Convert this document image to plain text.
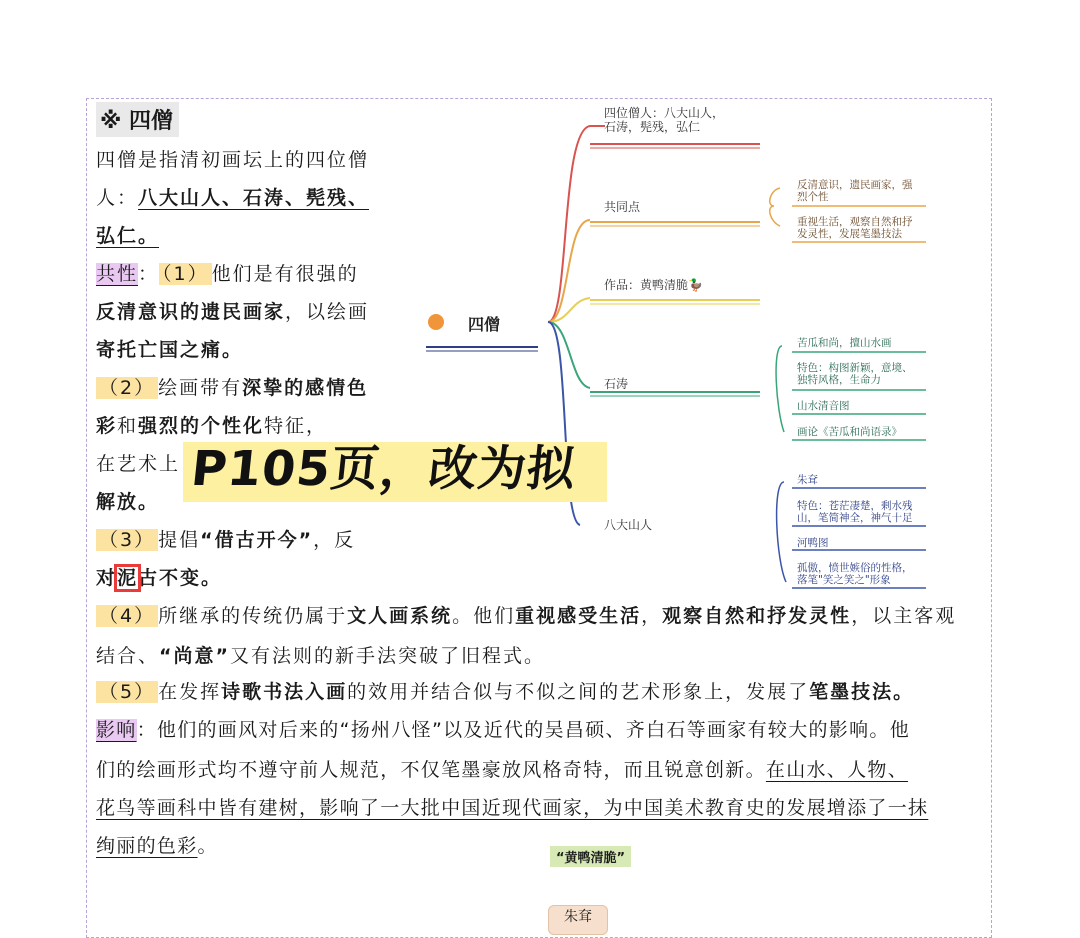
※ 四僧
四僧是指清初画坛上的四位僧
人：八大山人、石涛、髡残、
弘仁。
共性： （1） 他们是有很强的
反清意识的遗民画家，以绘画
寄托亡国之痛。
（2） 绘画带有深挚的感情色
彩和强烈的个性化特征，
在艺术上
解放。
（3） 提倡“借古开今”，反
对泥古不变。
（4） 所继承的传统仍属于文人画系统。他们重视感受生活，观察自然和抒发灵性，以主客观
结合、“尚意”又有法则的新手法突破了旧程式。
（5） 在发挥诗歌书法入画的效用并结合似与不似之间的艺术形象上，发展了笔墨技法。
影响：他们的画风对后来的“扬州八怪”以及近代的吴昌硕、齐白石等画家有较大的影响。他
们的绘画形式均不遵守前人规范，不仅笔墨豪放风格奇特，而且锐意创新。在山水、人物、
花鸟等画科中皆有建树，影响了一大批中国近现代画家，为中国美术教育史的发展增添了一抹
绚丽的色彩。
四僧
四位僧人：八大山人，
石涛，髡残，弘仁
共同点
反清意识，遗民画家，强
烈个性
重视生活，观察自然和抒
发灵性，发展笔墨技法
作品：黄鸭清脆🦆
石涛
苦瓜和尚，擅山水画
特色：构图新颖，意境、
独特风格，生命力
山水清音图
画论《苦瓜和尚语录》
八大山人
朱耷
特色：苍茫凄楚，剩水残
山，笔简神全，神气十足
河鸭图
孤傲，愤世嫉俗的性格，
落笔"笑之笑之"形象
P105页，改为拟
“黄鸭清脆”
朱耷
